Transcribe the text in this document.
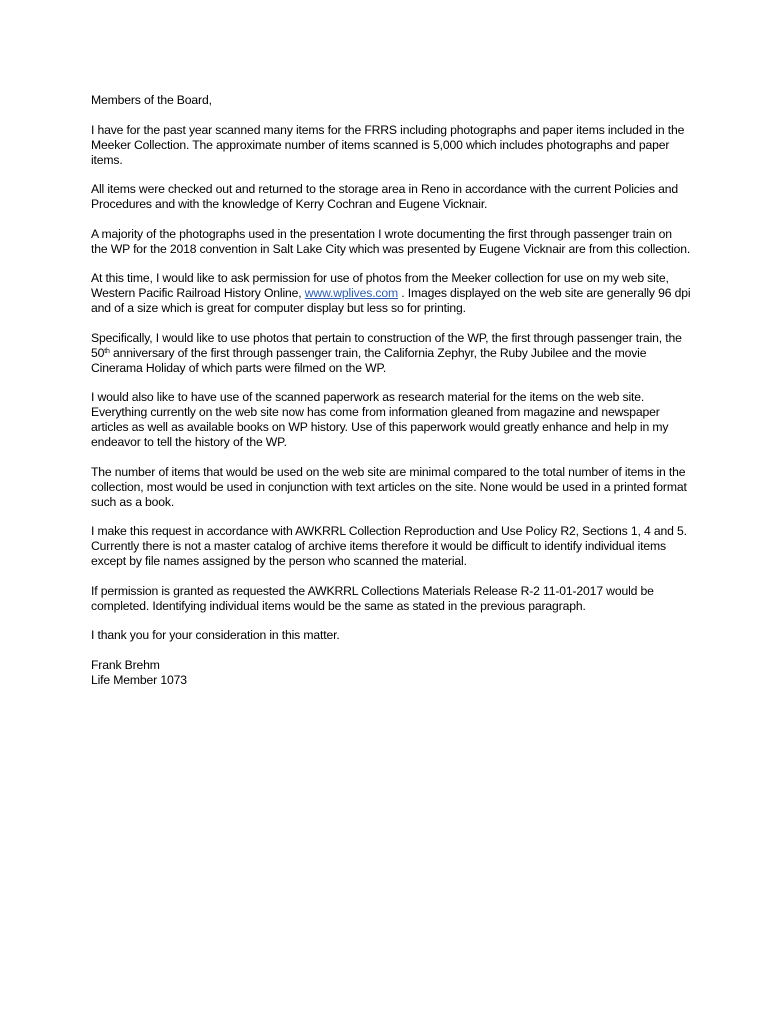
Members of the Board,

I have for the past year scanned many items for the FRRS including photographs and paper items included in the Meeker Collection. The approximate number of items scanned is 5,000 which includes photographs and paper items.

All items were checked out and returned to the storage area in Reno in accordance with the current Policies and Procedures and with the knowledge of Kerry Cochran and Eugene Vicknair.

A majority of the photographs used in the presentation I wrote documenting the first through passenger train on the WP for the 2018 convention in Salt Lake City which was presented by Eugene Vicknair are from this collection.

At this time, I would like to ask permission for use of photos from the Meeker collection for use on my web site, Western Pacific Railroad History Online, www.wplives.com . Images displayed on the web site are generally 96 dpi and of a size which is great for computer display but less so for printing.

Specifically, I would like to use photos that pertain to construction of the WP, the first through passenger train, the 50th anniversary of the first through passenger train, the California Zephyr, the Ruby Jubilee and the movie Cinerama Holiday of which parts were filmed on the WP.

I would also like to have use of the scanned paperwork as research material for the items on the web site. Everything currently on the web site now has come from information gleaned from magazine and newspaper articles as well as available books on WP history. Use of this paperwork would greatly enhance and help in my endeavor to tell the history of the WP.

The number of items that would be used on the web site are minimal compared to the total number of items in the collection, most would be used in conjunction with text articles on the site. None would be used in a printed format such as a book.

I make this request in accordance with AWKRRL Collection Reproduction and Use Policy R2, Sections 1, 4 and 5. Currently there is not a master catalog of archive items therefore it would be difficult to identify individual items except by file names assigned by the person who scanned the material.

If permission is granted as requested the AWKRRL Collections Materials Release R-2 11-01-2017 would be completed. Identifying individual items would be the same as stated in the previous paragraph.

I thank you for your consideration in this matter.

Frank Brehm

Life Member 1073
